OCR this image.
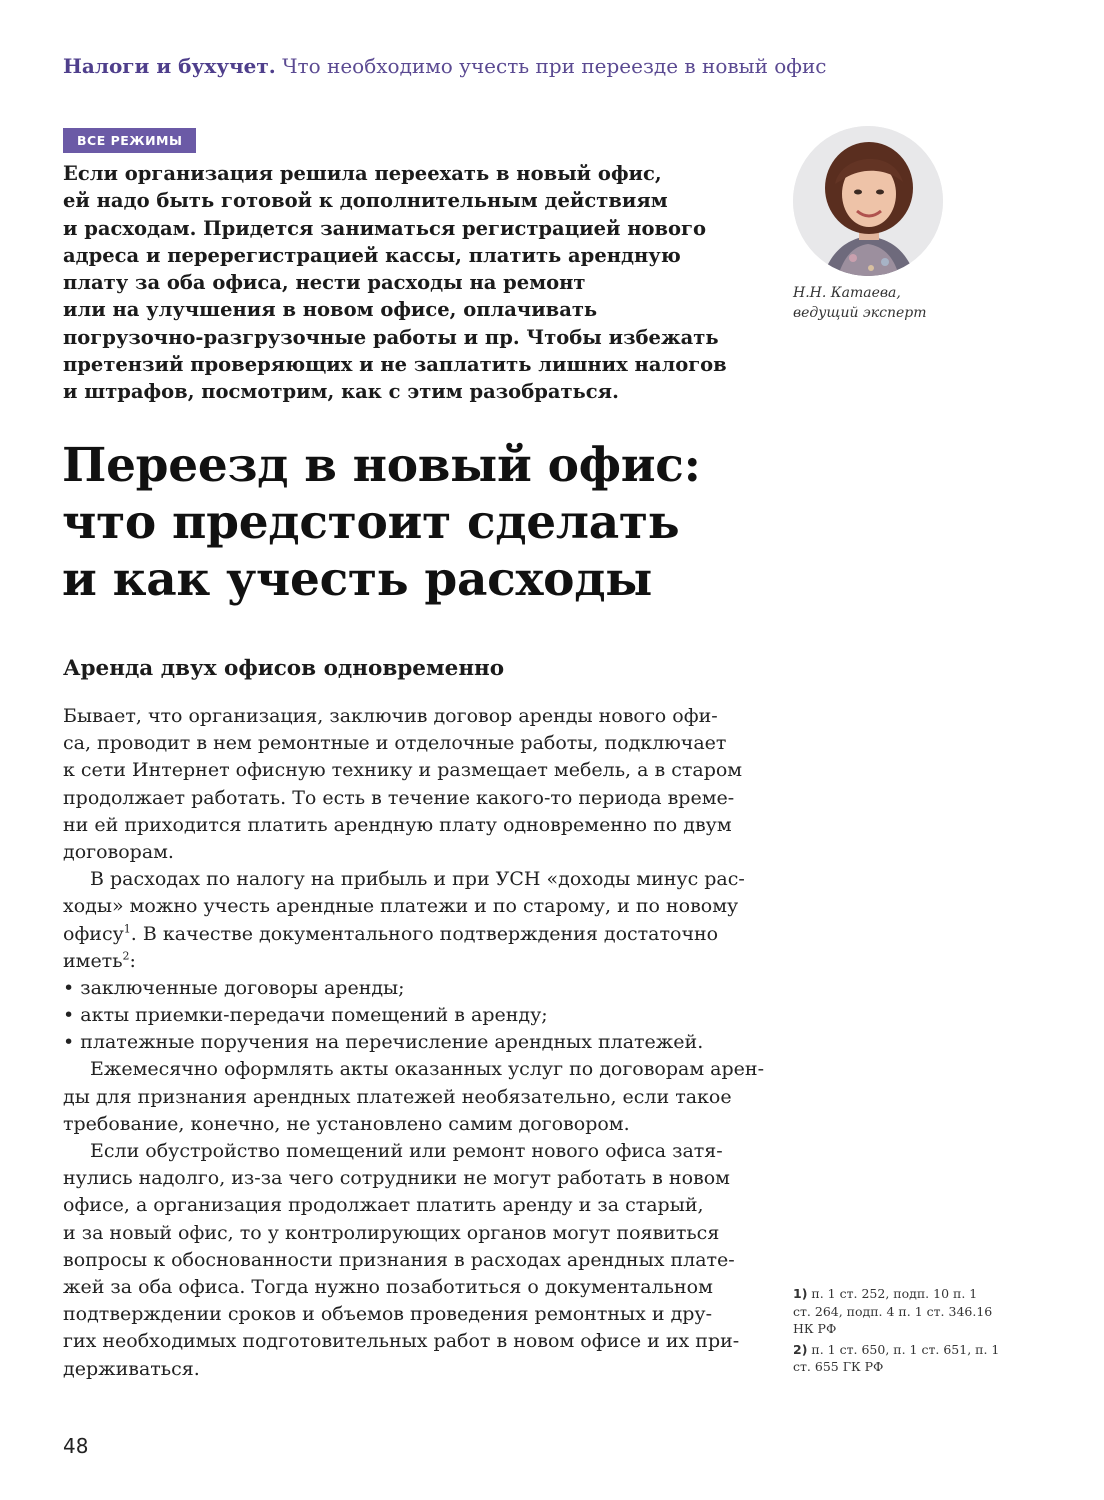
Налоги и бухучет. Что необходимо учесть при переезде в новый офис
ВСЕ РЕЖИМЫ

Если организация решила переехать в новый офис,

ей надо быть готовой к дополнительным действиям

и расходам. Придется заниматься регистрацией нового

адреса и перерегистрацией кассы, платить арендную

плату за оба офиса, нести расходы на ремонт

или на улучшения в новом офисе, оплачивать

погрузочно-разгрузочные работы и пр. Чтобы избежать

претензий проверяющих и не заплатить лишних налогов

и штрафов, посмотрим, как с этим разобраться.

Н.Н. Катаева,
ведущий эксперт
Переезд в новый офис:
что предстоит сделать
и как учесть расходы
Аренда двух офисов одновременно
Бывает, что организация, заключив договор аренды нового офи-
са, проводит в нем ремонтные и отделочные работы, подключает
к сети Интернет офисную технику и размещает мебель, а в старом
продолжает работать. То есть в течение какого-то периода време-
ни ей приходится платить арендную плату одновременно по двум
договорам.
В расходах по налогу на прибыль и при УСН «доходы минус рас-
ходы» можно учесть арендные платежи и по старому, и по новому
офису$^1$. В качестве документального подтверждения достаточно
иметь$^2$:
• заключенные договоры аренды;
• акты приемки-передачи помещений в аренду;
• платежные поручения на перечисление арендных платежей.
Ежемесячно оформлять акты оказанных услуг по договорам арен-
ды для признания арендных платежей необязательно, если такое
требование, конечно, не установлено самим договором.
Если обустройство помещений или ремонт нового офиса затя-
нулись надолго, из-за чего сотрудники не могут работать в новом
офисе, а организация продолжает платить аренду и за старый,
и за новый офис, то у контролирующих органов могут появиться
вопросы к обоснованности признания в расходах арендных плате-
жей за оба офиса. Тогда нужно позаботиться о документальном
подтверждении сроков и объемов проведения ремонтных и дру-
гих необходимых подготовительных работ в новом офисе и их при-
держиваться.
1) п. 1 ст. 252, подп. 10 п. 1
ст. 264, подп. 4 п. 1 ст. 346.16
НК РФ
2) п. 1 ст. 650, п. 1 ст. 651, п. 1
ст. 655 ГК РФ
48
